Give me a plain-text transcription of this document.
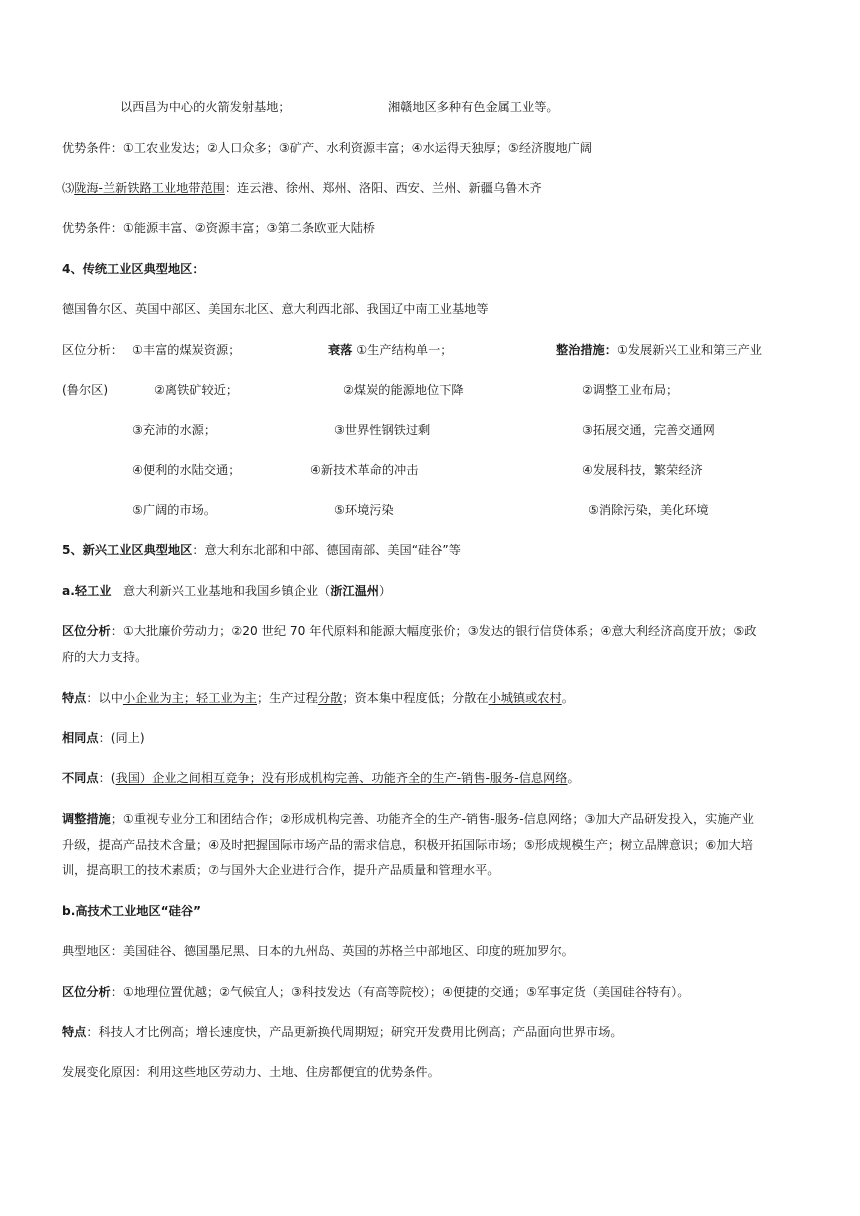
以西昌为中心的火箭发射基地；	湘赣地区多种有色金属工业等。
优势条件：①工农业发达；②人口众多；③矿产、水利资源丰富；④水运得天独厚；⑤经济腹地广阔
⑶陇海-兰新铁路工业地带范围：连云港、徐州、郑州、洛阳、西安、兰州、新疆乌鲁木齐
优势条件：①能源丰富、②资源丰富；③第二条欧亚大陆桥
4、传统工业区典型地区：
德国鲁尔区、英国中部区、美国东北区、意大利西北部、我国辽中南工业基地等
区位分析： ①丰富的煤炭资源；	衰落 ①生产结构单一；	整治措施：①发展新兴工业和第三产业
(鲁尔区)	②离铁矿较近；	②煤炭的能源地位下降	②调整工业布局；
③充沛的水源；	③世界性钢铁过剩	③拓展交通，完善交通网
④便利的水陆交通；	④新技术革命的冲击	④发展科技，繁荣经济
⑤广阔的市场。	⑤环境污染	⑤消除污染，美化环境
5、新兴工业区典型地区：意大利东北部和中部、德国南部、美国“硅谷”等
a.轻工业 意大利新兴工业基地和我国乡镇企业（浙江温州）
区位分析：①大批廉价劳动力；②20 世纪 70 年代原料和能源大幅度张价；③发达的银行信贷体系；④意大利经济高度开放；⑤政
府的大力支持。
特点：以中小企业为主；轻工业为主；生产过程分散；资本集中程度低；分散在小城镇或农村。
相同点：(同上)
不同点：(我国）企业之间相互竞争；没有形成机构完善、功能齐全的生产-销售-服务-信息网络。
调整措施；①重视专业分工和团结合作；②形成机构完善、功能齐全的生产-销售-服务-信息网络；③加大产品研发投入，实施产业
升级，提高产品技术含量；④及时把握国际市场产品的需求信息，积极开拓国际市场；⑤形成规模生产；树立品牌意识；⑥加大培
训，提高职工的技术素质；⑦与国外大企业进行合作，提升产品质量和管理水平。
b.高技术工业地区“硅谷”
典型地区：美国硅谷、德国墨尼黑、日本的九州岛、英国的苏格兰中部地区、印度的班加罗尔。
区位分析：①地理位置优越；②气候宜人；③科技发达（有高等院校）；④便捷的交通；⑤军事定货（美国硅谷特有）。
特点：科技人才比例高；增长速度快，产品更新换代周期短；研究开发费用比例高；产品面向世界市场。
发展变化原因：利用这些地区劳动力、土地、住房都便宜的优势条件。
